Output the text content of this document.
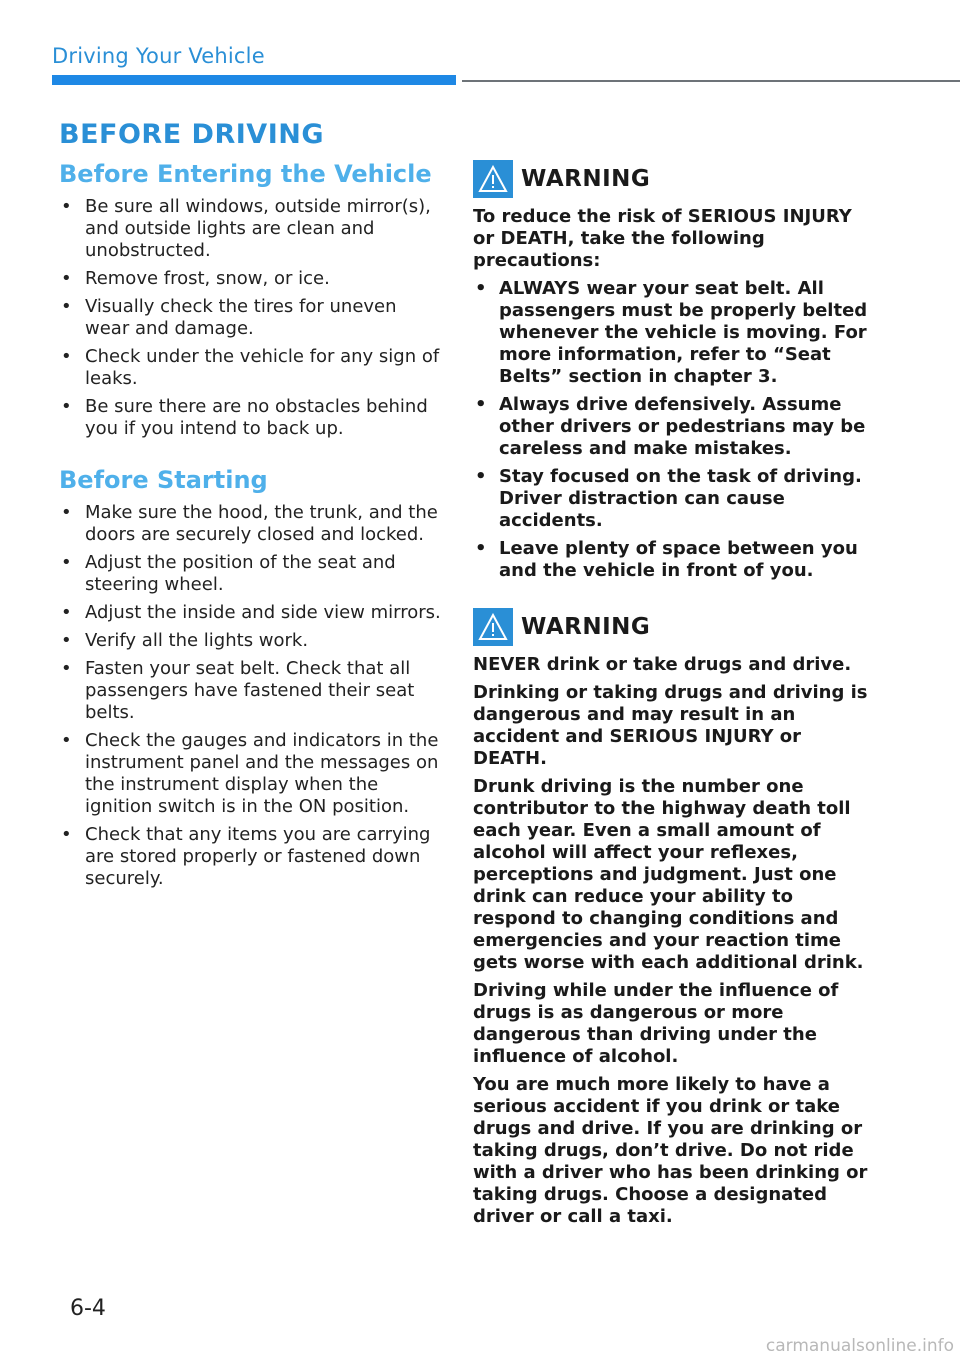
Driving Your Vehicle
BEFORE DRIVING
Before Entering the Vehicle
• Be sure all windows, outside mirror(s), and outside lights are clean and unobstructed.
• Remove frost, snow, or ice.
• Visually check the tires for uneven wear and damage.
• Check under the vehicle for any sign of leaks.
• Be sure there are no obstacles behind you if you intend to back up.
Before Starting
• Make sure the hood, the trunk, and the doors are securely closed and locked.
• Adjust the position of the seat and steering wheel.
• Adjust the inside and side view mirrors.
• Verify all the lights work.
• Fasten your seat belt. Check that all passengers have fastened their seat belts.
• Check the gauges and indicators in the instrument panel and the messages on the instrument display when the ignition switch is in the ON position.
• Check that any items you are carrying are stored properly or fastened down securely.
WARNING
To reduce the risk of SERIOUS INJURY or DEATH, take the following precautions:
• ALWAYS wear your seat belt. All passengers must be properly belted whenever the vehicle is moving. For more information, refer to “Seat Belts” section in chapter 3.
• Always drive defensively. Assume other drivers or pedestrians may be careless and make mistakes.
• Stay focused on the task of driving. Driver distraction can cause accidents.
• Leave plenty of space between you and the vehicle in front of you.
WARNING
NEVER drink or take drugs and drive.
Drinking or taking drugs and driving is dangerous and may result in an accident and SERIOUS INJURY or DEATH.
Drunk driving is the number one contributor to the highway death toll each year. Even a small amount of alcohol will affect your reflexes, perceptions and judgment. Just one drink can reduce your ability to respond to changing conditions and emergencies and your reaction time gets worse with each additional drink.
Driving while under the influence of drugs is as dangerous or more dangerous than driving under the influence of alcohol.
You are much more likely to have a serious accident if you drink or take drugs and drive. If you are drinking or taking drugs, don’t drive. Do not ride with a driver who has been drinking or taking drugs. Choose a designated driver or call a taxi.
6-4
carmanualsonline.info
